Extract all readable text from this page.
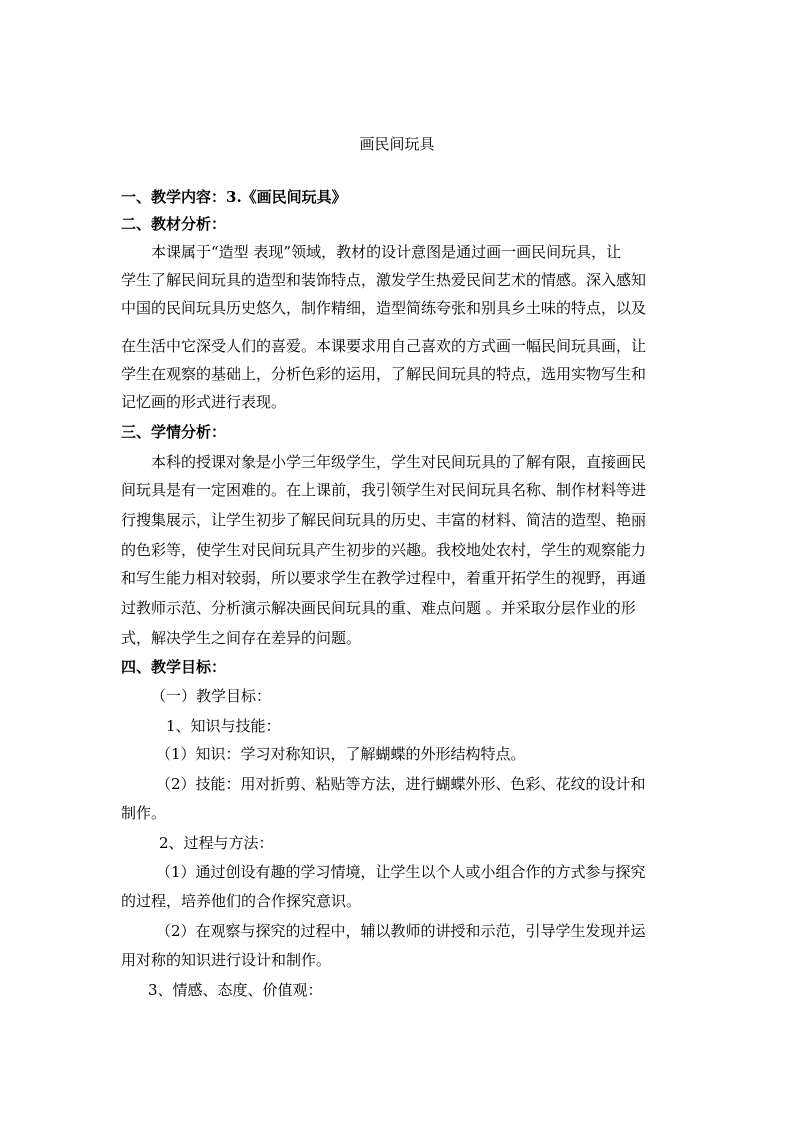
画民间玩具
一、教学内容：3.《画民间玩具》
二、教材分析：
本课属于“造型 表现”领域，教材的设计意图是通过画一画民间玩具，让
学生了解民间玩具的造型和装饰特点，激发学生热爱民间艺术的情感。深入感知
中国的民间玩具历史悠久，制作精细，造型简练夸张和别具乡土味的特点，以及
在生活中它深受人们的喜爱。本课要求用自己喜欢的方式画一幅民间玩具画，让
学生在观察的基础上，分析色彩的运用，了解民间玩具的特点，选用实物写生和
记忆画的形式进行表现。
三、学情分析：
本科的授课对象是小学三年级学生，学生对民间玩具的了解有限，直接画民
间玩具是有一定困难的。在上课前，我引领学生对民间玩具名称、制作材料等进
行搜集展示，让学生初步了解民间玩具的历史、丰富的材料、简洁的造型、艳丽
的色彩等，使学生对民间玩具产生初步的兴趣。我校地处农村，学生的观察能力
和写生能力相对较弱，所以要求学生在教学过程中，着重开拓学生的视野，再通
过教师示范、分析演示解决画民间玩具的重、难点问题 。并采取分层作业的形
式，解决学生之间存在差异的问题。
四、教学目标：
（一）教学目标：
1、知识与技能：
（1）知识：学习对称知识，了解蝴蝶的外形结构特点。
（2）技能：用对折剪、粘贴等方法，进行蝴蝶外形、色彩、花纹的设计和
制作。
2、过程与方法：
（1）通过创设有趣的学习情境，让学生以个人或小组合作的方式参与探究
的过程，培养他们的合作探究意识。
（2）在观察与探究的过程中，辅以教师的讲授和示范，引导学生发现并运
用对称的知识进行设计和制作。
3、情感、态度、价值观：
